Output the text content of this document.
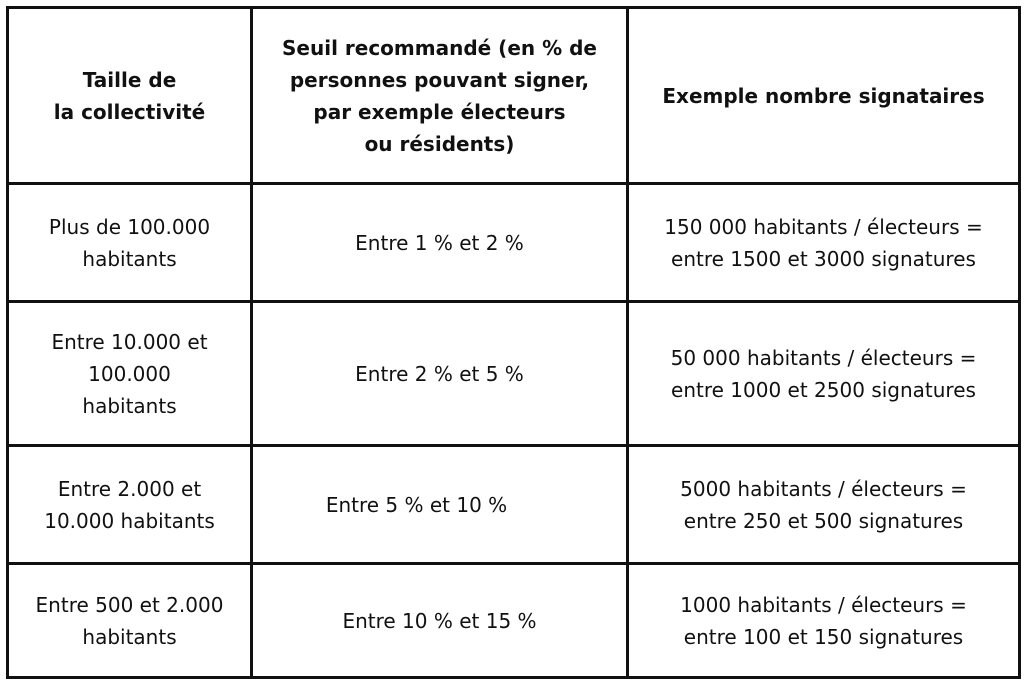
Taille de
la collectivité	Seuil recommandé (en % de
personnes pouvant signer,
par exemple électeurs
ou résidents)	Exemple nombre signataires

Plus de 100.000
habitants	Entre 1 % et 2 %	150 000 habitants / électeurs =
entre 1500 et 3000 signatures

Entre 10.000 et
100.000
habitants	Entre 2 % et 5 %	50 000 habitants / électeurs =
entre 1000 et 2500 signatures

Entre 2.000 et
10.000 habitants	Entre 5 % et 10 %	5000 habitants / électeurs =
entre 250 et 500 signatures

Entre 500 et 2.000
habitants	Entre 10 % et 15 %	1000 habitants / électeurs =
entre 100 et 150 signatures
